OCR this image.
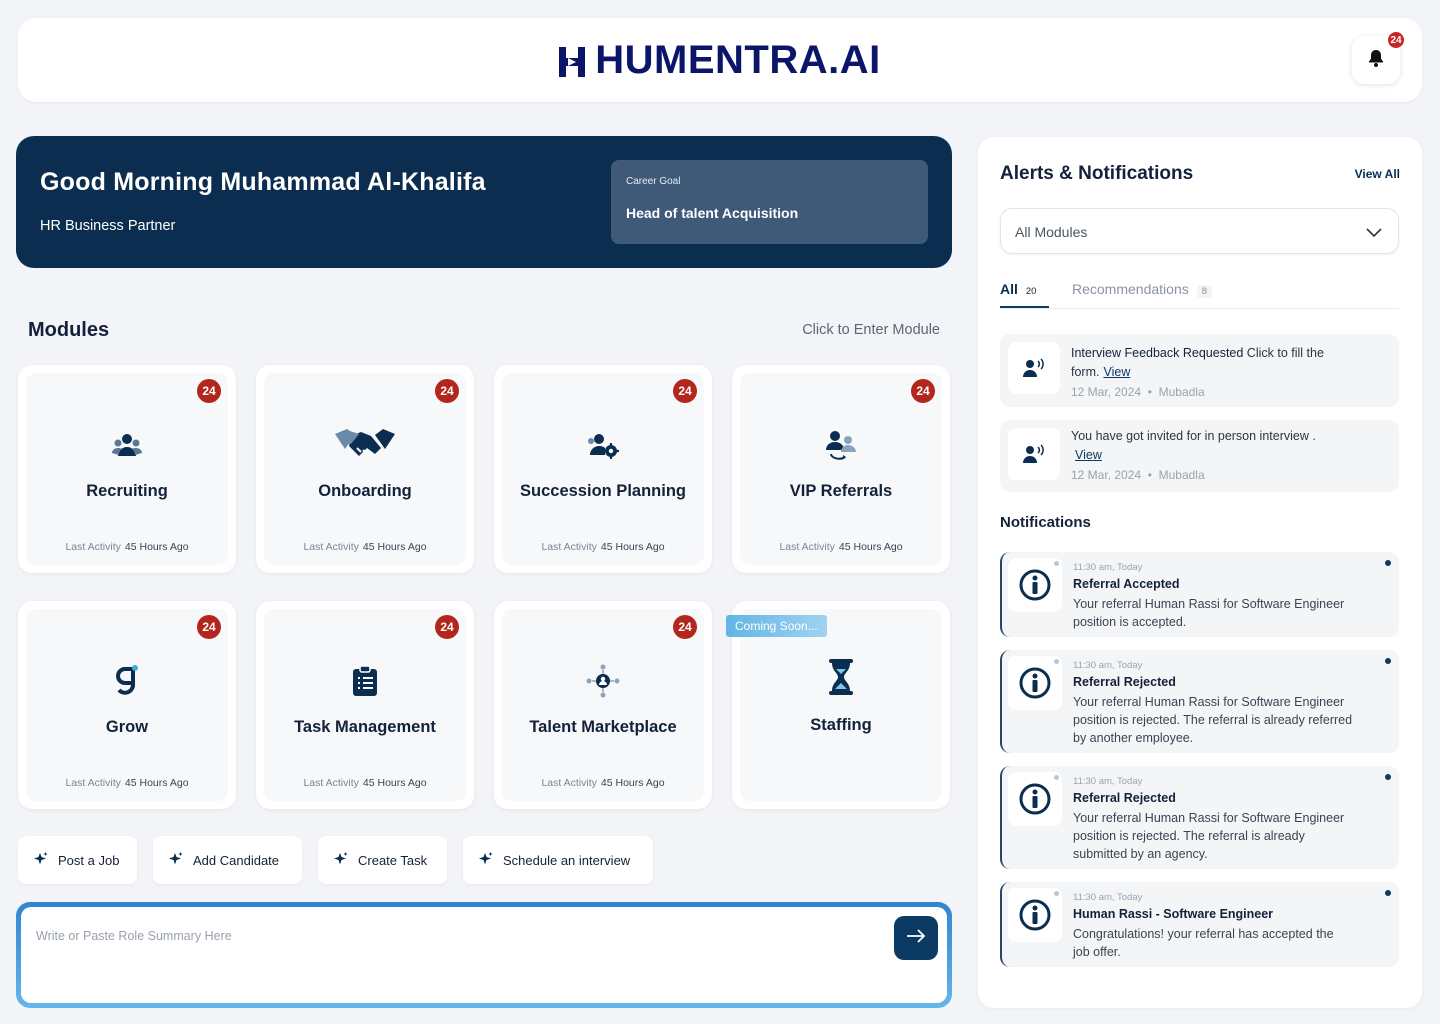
HUMENTRA.AI	24
Good Morning Muhammad Al-Khalifa
HR Business Partner
Career Goal
Head of talent Acquisition
Modules	Click to Enter Module
24
Recruiting
Last Activity 45 Hours Ago
24
Onboarding
Last Activity 45 Hours Ago
24
Succession Planning
Last Activity 45 Hours Ago
24
VIP Referrals
Last Activity 45 Hours Ago
24
Grow
Last Activity 45 Hours Ago
24
Task Management
Last Activity 45 Hours Ago
24
Talent Marketplace
Last Activity 45 Hours Ago
Coming Soon...
Staffing
Post a Job	Add Candidate	Create Task	Schedule an interview
Write or Paste Role Summary Here
Alerts & Notifications	View All
All Modules
All 20	Recommendations 8
Interview Feedback Requested Click to fill the form. View
12 Mar, 2024  •  Mubadla
You have got invited for in person interview .
View
12 Mar, 2024  •  Mubadla
Notifications
11:30 am, Today
Referral Accepted
Your referral Human Rassi for Software Engineer position is accepted.
11:30 am, Today
Referral Rejected
Your referral Human Rassi for Software Engineer position is rejected. The referral is already referred by another employee.
11:30 am, Today
Referral Rejected
Your referral Human Rassi for Software Engineer position is rejected. The referral is already submitted by an agency.
11:30 am, Today
Human Rassi - Software Engineer
Congratulations! your referral has accepted the job offer.
